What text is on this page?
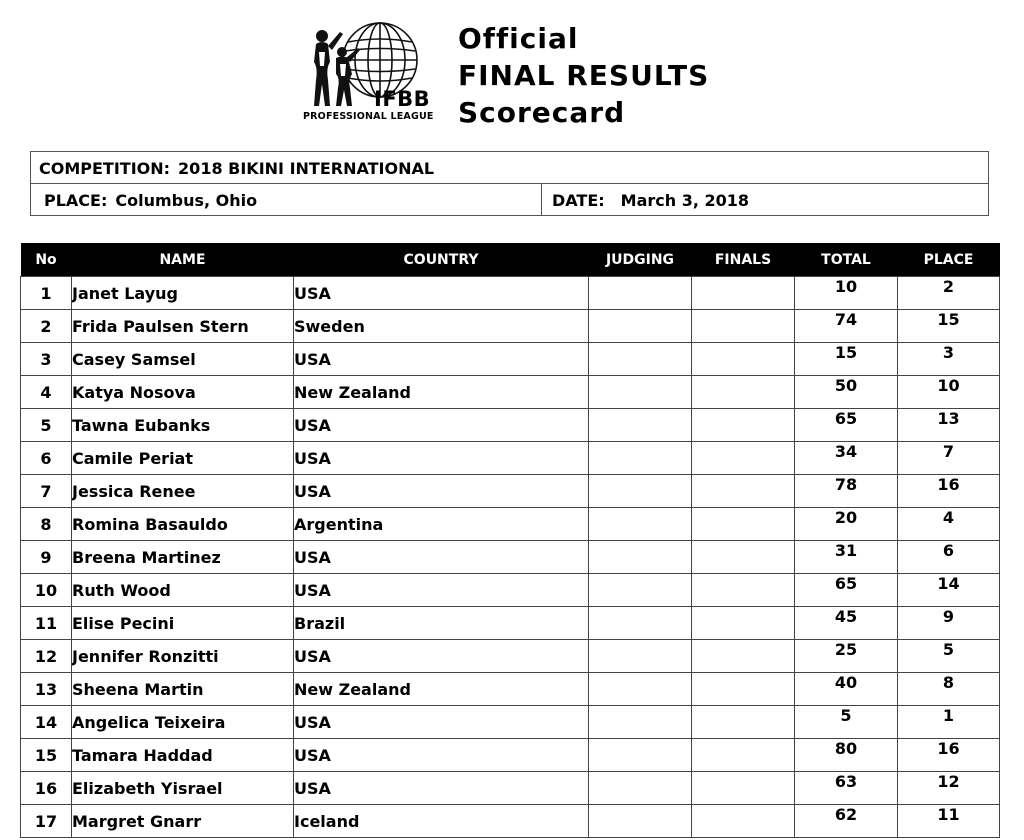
IFBB
PROFESSIONAL LEAGUE
Official
FINAL RESULTS
Scorecard
COMPETITION: 2018 BIKINI INTERNATIONAL
PLACE: Columbus, Ohio	DATE: March 3, 2018
No	NAME	COUNTRY	JUDGING	FINALS	TOTAL	PLACE
1	Janet Layug	USA			10	2
2	Frida Paulsen Stern	Sweden			74	15
3	Casey Samsel	USA			15	3
4	Katya Nosova	New Zealand			50	10
5	Tawna Eubanks	USA			65	13
6	Camile Periat	USA			34	7
7	Jessica Renee	USA			78	16
8	Romina Basauldo	Argentina			20	4
9	Breena Martinez	USA			31	6
10	Ruth Wood	USA			65	14
11	Elise Pecini	Brazil			45	9
12	Jennifer Ronzitti	USA			25	5
13	Sheena Martin	New Zealand			40	8
14	Angelica Teixeira	USA			5	1
15	Tamara Haddad	USA			80	16
16	Elizabeth Yisrael	USA			63	12
17	Margret Gnarr	Iceland			62	11
